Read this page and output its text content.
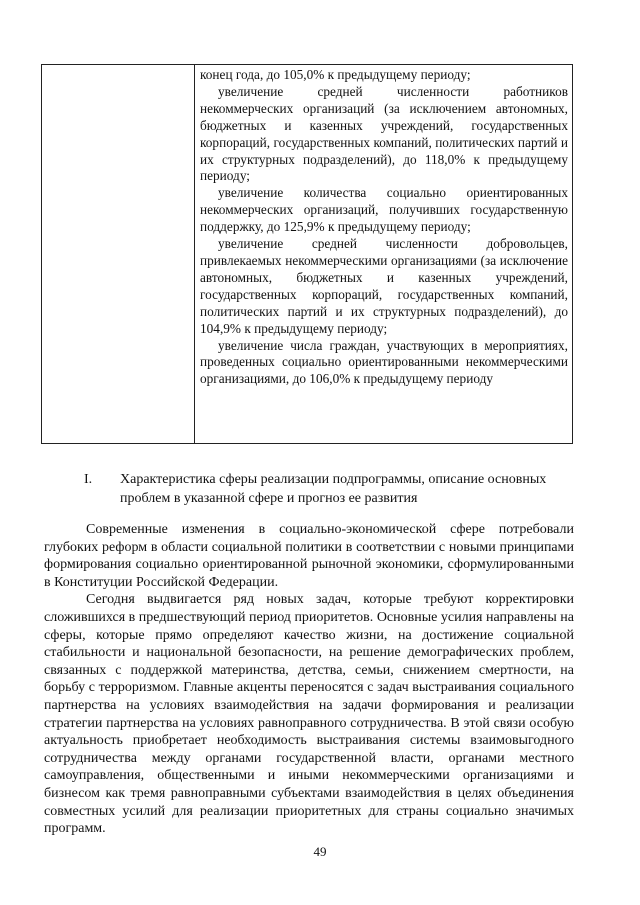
конец года, до 105,0% к предыдущему периоду;

увеличение средней численности работников некоммерческих организаций (за исключением автономных, бюджетных и казенных учреждений, государственных корпораций, государственных компаний, политических партий и их структурных подразделений), до 118,0% к предыдущему периоду;

увеличение количества социально ориентированных некоммерческих организаций, получивших государственную поддержку, до 125,9% к предыдущему периоду;

увеличение средней численности добровольцев, привлекаемых некоммерческими организациями (за исключение автономных, бюджетных и казенных учреждений, государственных корпораций, государственных компаний, политических партий и их структурных подразделений), до 104,9% к предыдущему периоду;

увеличение числа граждан, участвующих в мероприятиях, проведенных социально ориентированными некоммерческими организациями, до 106,0% к предыдущему периоду

I.	Характеристика сферы реализации подпрограммы, описание основных проблем в указанной сфере и прогноз ее развития

Современные изменения в социально-экономической сфере потребовали глубоких реформ в области социальной политики в соответствии с новыми принципами формирования социально ориентированной рыночной экономики, сформулированными в Конституции Российской Федерации.

Сегодня выдвигается ряд новых задач, которые требуют корректировки сложившихся в предшествующий период приоритетов. Основные усилия направлены на сферы, которые прямо определяют качество жизни, на достижение социальной стабильности и национальной безопасности, на решение демографических проблем, связанных с поддержкой материнства, детства, семьи, снижением смертности, на борьбу с терроризмом. Главные акценты переносятся с задач выстраивания социального партнерства на условиях взаимодействия на задачи формирования и реализации стратегии партнерства на условиях равноправного сотрудничества. В этой связи особую актуальность приобретает необходимость выстраивания системы взаимовыгодного сотрудничества между органами государственной власти, органами местного самоуправления, общественными и иными некоммерческими организациями и бизнесом как тремя равноправными субъектами взаимодействия в целях объединения совместных усилий для реализации приоритетных для страны социально значимых программ.

49
